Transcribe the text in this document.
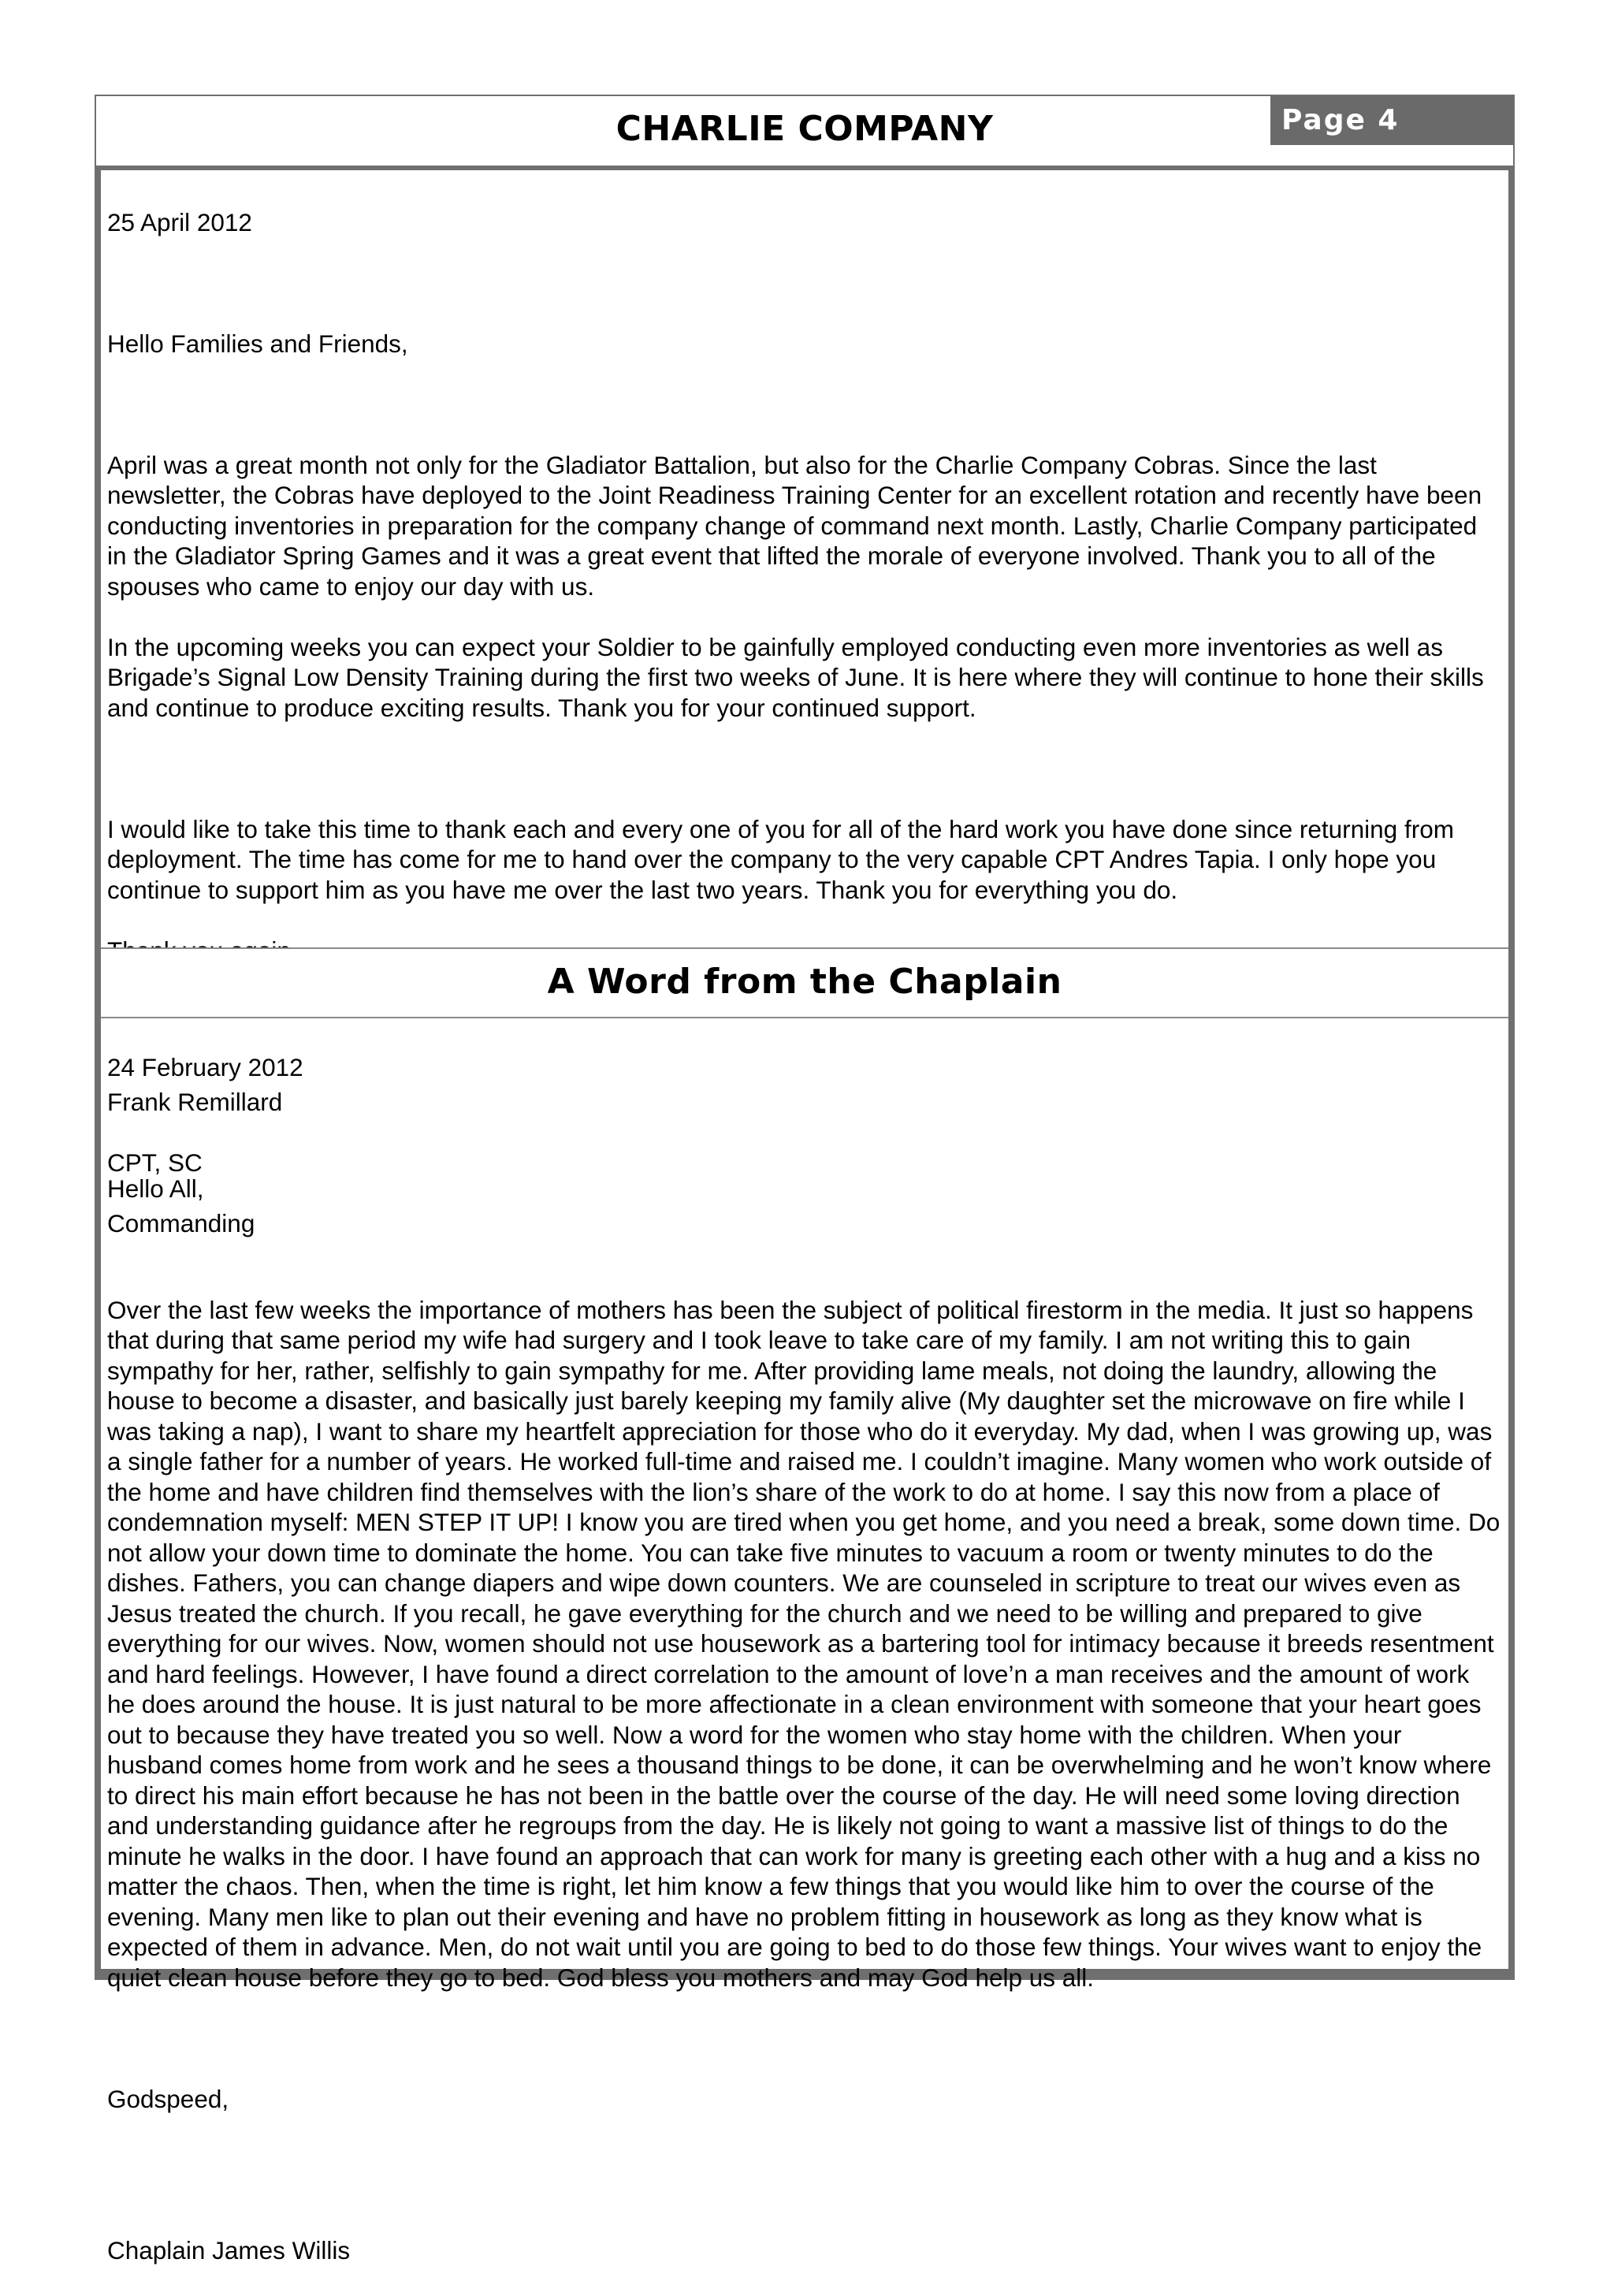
CHARLIE COMPANY	Page 4

25 April 2012

Hello Families and Friends,

April was a great month not only for the Gladiator Battalion, but also for the Charlie Company Cobras. Since the last newsletter, the Cobras have deployed to the Joint Readiness Training Center for an excellent rotation and recently have been conducting inventories in preparation for the company change of command next month. Lastly, Charlie Company participated in the Gladiator Spring Games and it was a great event that lifted the morale of everyone involved. Thank you to all of the spouses who came to enjoy our day with us.

In the upcoming weeks you can expect your Soldier to be gainfully employed conducting even more inventories as well as Brigade’s Signal Low Density Training during the first two weeks of June. It is here where they will continue to hone their skills and continue to produce exciting results. Thank you for your continued support.

I would like to take this time to thank each and every one of you for all of the hard work you have done since returning from deployment. The time has come for me to hand over the company to the very capable CPT Andres Tapia. I only hope you continue to support him as you have me over the last two years. Thank you for everything you do.

Frank Remillard

CPT, SC

Commanding

A Word from the Chaplain

24 February 2012

Hello All,

Over the last few weeks the importance of mothers has been the subject of political firestorm in the media. It just so happens that during that same period my wife had surgery and I took leave to take care of my family. I am not writing this to gain sympathy for her, rather, selfishly to gain sympathy for me. After providing lame meals, not doing the laundry, allowing the house to become a disaster, and basically just barely keeping my family alive (My daughter set the microwave on fire while I was taking a nap), I want to share my heartfelt appreciation for those who do it everyday. My dad, when I was growing up, was a single father for a number of years. He worked full-time and raised me. I couldn’t imagine. Many women who work outside of the home and have children find themselves with the lion’s share of the work to do at home. I say this now from a place of condemnation myself: MEN STEP IT UP! I know you are tired when you get home, and you need a break, some down time. Do not allow your down time to dominate the home. You can take five minutes to vacuum a room or twenty minutes to do the dishes. Fathers, you can change diapers and wipe down counters. We are counseled in scripture to treat our wives even as Jesus treated the church. If you recall, he gave everything for the church and we need to be willing and prepared to give everything for our wives. Now, women should not use housework as a bartering tool for intimacy because it breeds resentment and hard feelings. However, I have found a direct correlation to the amount of love’n a man receives and the amount of work he does around the house. It is just natural to be more affectionate in a clean environment with someone that your heart goes out to because they have treated you so well. Now a word for the women who stay home with the children. When your husband comes home from work and he sees a thousand things to be done, it can be overwhelming and he won’t know where to direct his main effort because he has not been in the battle over the course of the day. He will need some loving direction and understanding guidance after he regroups from the day. He is likely not going to want a massive list of things to do the minute he walks in the door. I have found an approach that can work for many is greeting each other with a hug and a kiss no matter the chaos. Then, when the time is right, let him know a few things that you would like him to over the course of the evening. Many men like to plan out their evening and have no problem fitting in housework as long as they know what is expected of them in advance. Men, do not wait until you are going to bed to do those few things. Your wives want to enjoy the quiet clean house before they go to bed. God bless you mothers and may God help us all.

Godspeed,

Chaplain James Willis
